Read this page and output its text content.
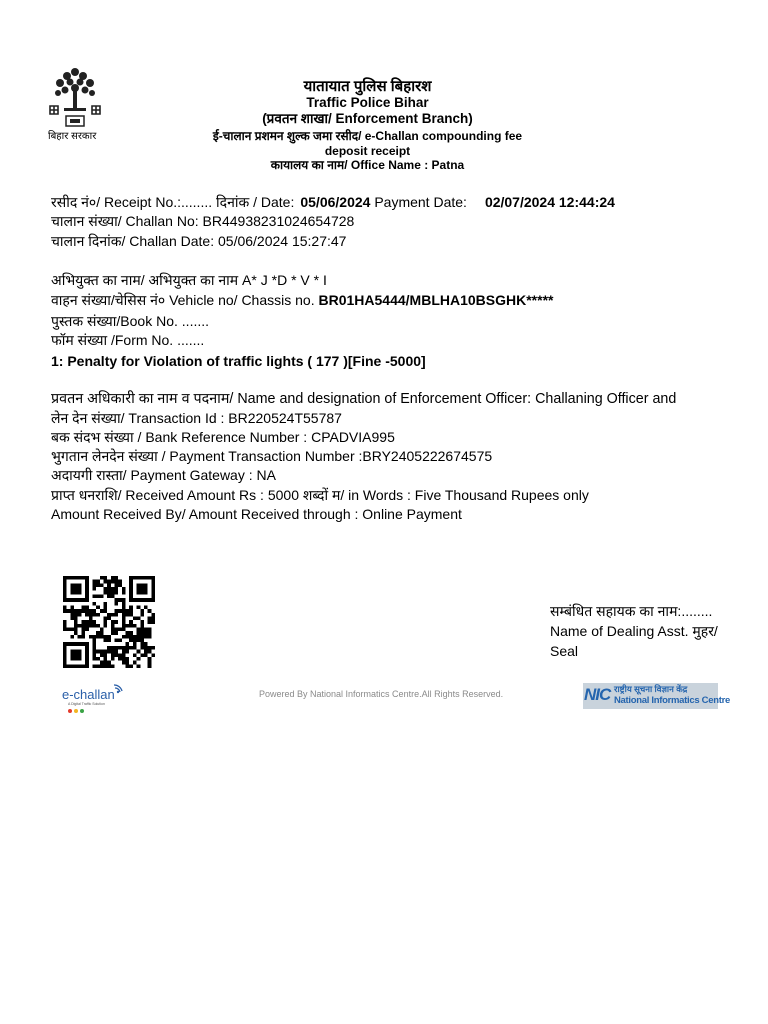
बिहार सरकार
यातायात पुलिस बिहारश
Traffic Police Bihar
(प्रवतन शाखा/ Enforcement Branch)
ई-चालान प्रशमन शुल्क जमा रसीद/ e-Challan compounding fee
deposit receipt
कायालय का नाम/ Office Name : Patna
रसीद नं०/ Receipt No.:........ दिनांक / Date: 05/06/2024 Payment Date: 02/07/2024 12:44:24
चालान संख्या/ Challan No: BR44938231024654728
चालान दिनांक/ Challan Date: 05/06/2024 15:27:47
अभियुक्त का नाम/ अभियुक्त का नाम A* J *D * V * I
वाहन संख्या/चेसिस नं० Vehicle no/ Chassis no. BR01HA5444/MBLHA10BSGHK*****
पुस्तक संख्या/Book No. .......
फॉम संख्या /Form No. .......
1: Penalty for Violation of traffic lights ( 177 )[Fine -5000]
प्रवतन अधिकारी का नाम व पदनाम/ Name and designation of Enforcement Officer: Challaning Officer and
लेन देन संख्या/ Transaction Id : BR220524T55787
बक संदभ संख्या / Bank Reference Number : CPADVIA995
भुगतान लेनदेन संख्या / Payment Transaction Number :BRY2405222674575
अदायगी रास्ता/ Payment Gateway : NA
प्राप्त धनराशि/ Received Amount Rs : 5000 शब्दों म/ in Words : Five Thousand Rupees only
Amount Received By/ Amount Received through : Online Payment
सम्बंधित सहायक का नाम:........
Name of Dealing Asst. मुहर/
Seal
e-challan
A Digital Traffic Solution
Powered By National Informatics Centre.All Rights Reserved.	NIC राष्ट्रीय सूचना विज्ञान केंद्र
National Informatics Centre
